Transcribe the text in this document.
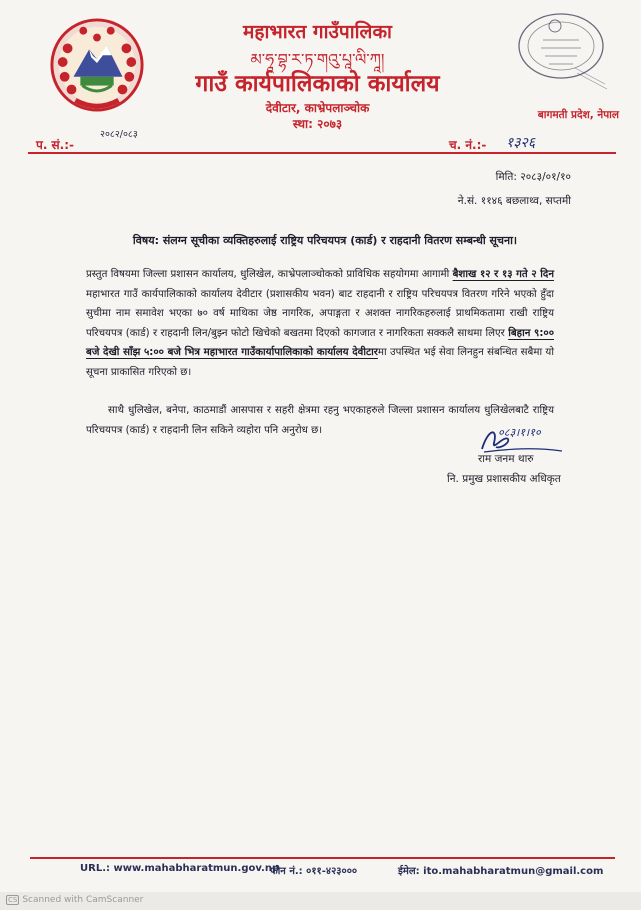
महाभारत गाउँपालिका
མ་ཧཱ་བྷ་ར་ཏ་གའུ་པཱ་ལི་ཀཱ།
गाउँ कार्यपालिकाको कार्यालय
देवीटार, काभ्रेपलाञ्चोक
स्था: २०७३
बागमती प्रदेश, नेपाल
प. सं.:-
२०८२/०८३
च. नं.:- १३२६
मिति: २०८३/०१/१०
ने.सं. ११४६ बछलाथ्व, सप्तमी
विषय: संलग्न सूचीका व्यक्तिहरुलाई राष्ट्रिय परिचयपत्र (कार्ड) र राहदानी वितरण सम्बन्धी सूचना।
प्रस्तुत विषयमा जिल्ला प्रशासन कार्यालय, धुलिखेल, काभ्रेपलाञ्चोकको प्राविधिक सहयोगमा आगामी बैशाख १२ र १३ गते २ दिन महाभारत गाउँ कार्यपालिकाको कार्यालय देवीटार (प्रशासकीय भवन) बाट राहदानी र राष्ट्रिय परिचयपत्र वितरण गरिने भएको हुँदा सुचीमा नाम समावेश भएका ७० वर्ष माथिका जेष्ठ नागरिक, अपाङ्गता र अशक्त नागरिकहरुलाई प्राथमिकतामा राखी राष्ट्रिय परिचयपत्र (कार्ड) र राहदानी लिन/बुझ्न फोटो खिचेको बखतमा दिएको कागजात र नागरिकता सक्कलै साथमा लिएर बिहान ९:०० बजे देखी साँझ ५:०० बजे भित्र महाभारत गाउँकार्यापालिकाको कार्यालय देवीटारमा उपस्थित भई सेवा लिनहुन संबन्धित सबैमा यो सूचना प्राकासित गरिएको छ।
साथै धुलिखेल, बनेपा, काठमाडौं आसपास र सहरी क्षेत्रमा रहनु भएकाहरुले जिल्ला प्रशासन कार्यालय धुलिखेलबाटै राष्ट्रिय परिचयपत्र (कार्ड) र राहदानी लिन सकिने व्यहोरा पनि अनुरोध छ।	०८३।१।१०
राम जनम थारु
नि. प्रमुख प्रशासकीय अधिकृत
URL.: www.mahabharatmun.gov.np
फोन नं.: ०११-४२३०००	ईमेल: ito.mahabharatmun@gmail.com
CS Scanned with CamScanner
